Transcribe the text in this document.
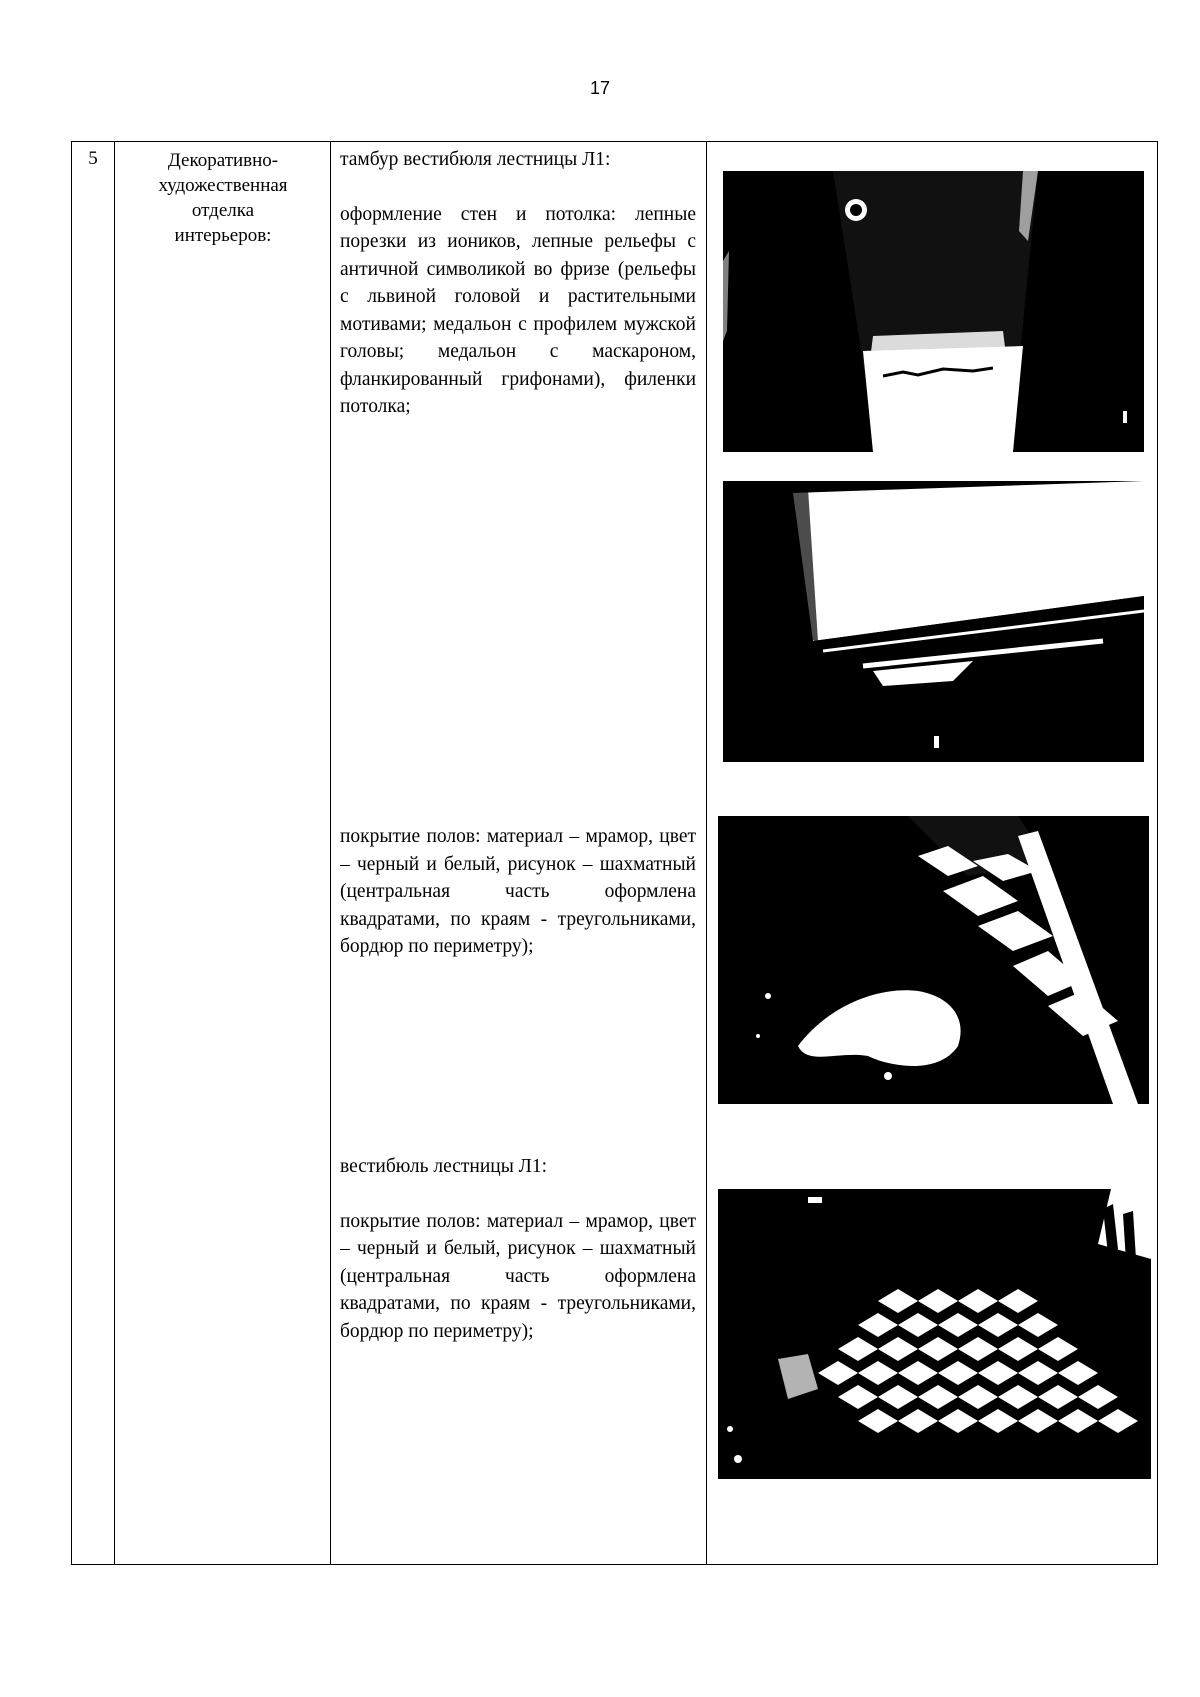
17
5	Декоративно-
художественная
отделка
интерьеров:

тамбур вестибюля лестницы Л1:

оформление стен и потолка: лепные порезки из иоников, лепные рельефы с античной символикой во фризе (рельефы с львиной головой и растительными мотивами; медальон с профилем мужской головы; медальон с маскароном, фланкированный грифонами), филенки потолка;

покрытие полов: материал – мрамор, цвет – черный и белый, рисунок – шахматный (центральная часть оформлена квадратами, по краям - треугольниками, бордюр по периметру);

вестибюль лестницы Л1:

покрытие полов: материал – мрамор, цвет – черный и белый, рисунок – шахматный (центральная часть оформлена квадратами, по краям - треугольниками, бордюр по периметру);
